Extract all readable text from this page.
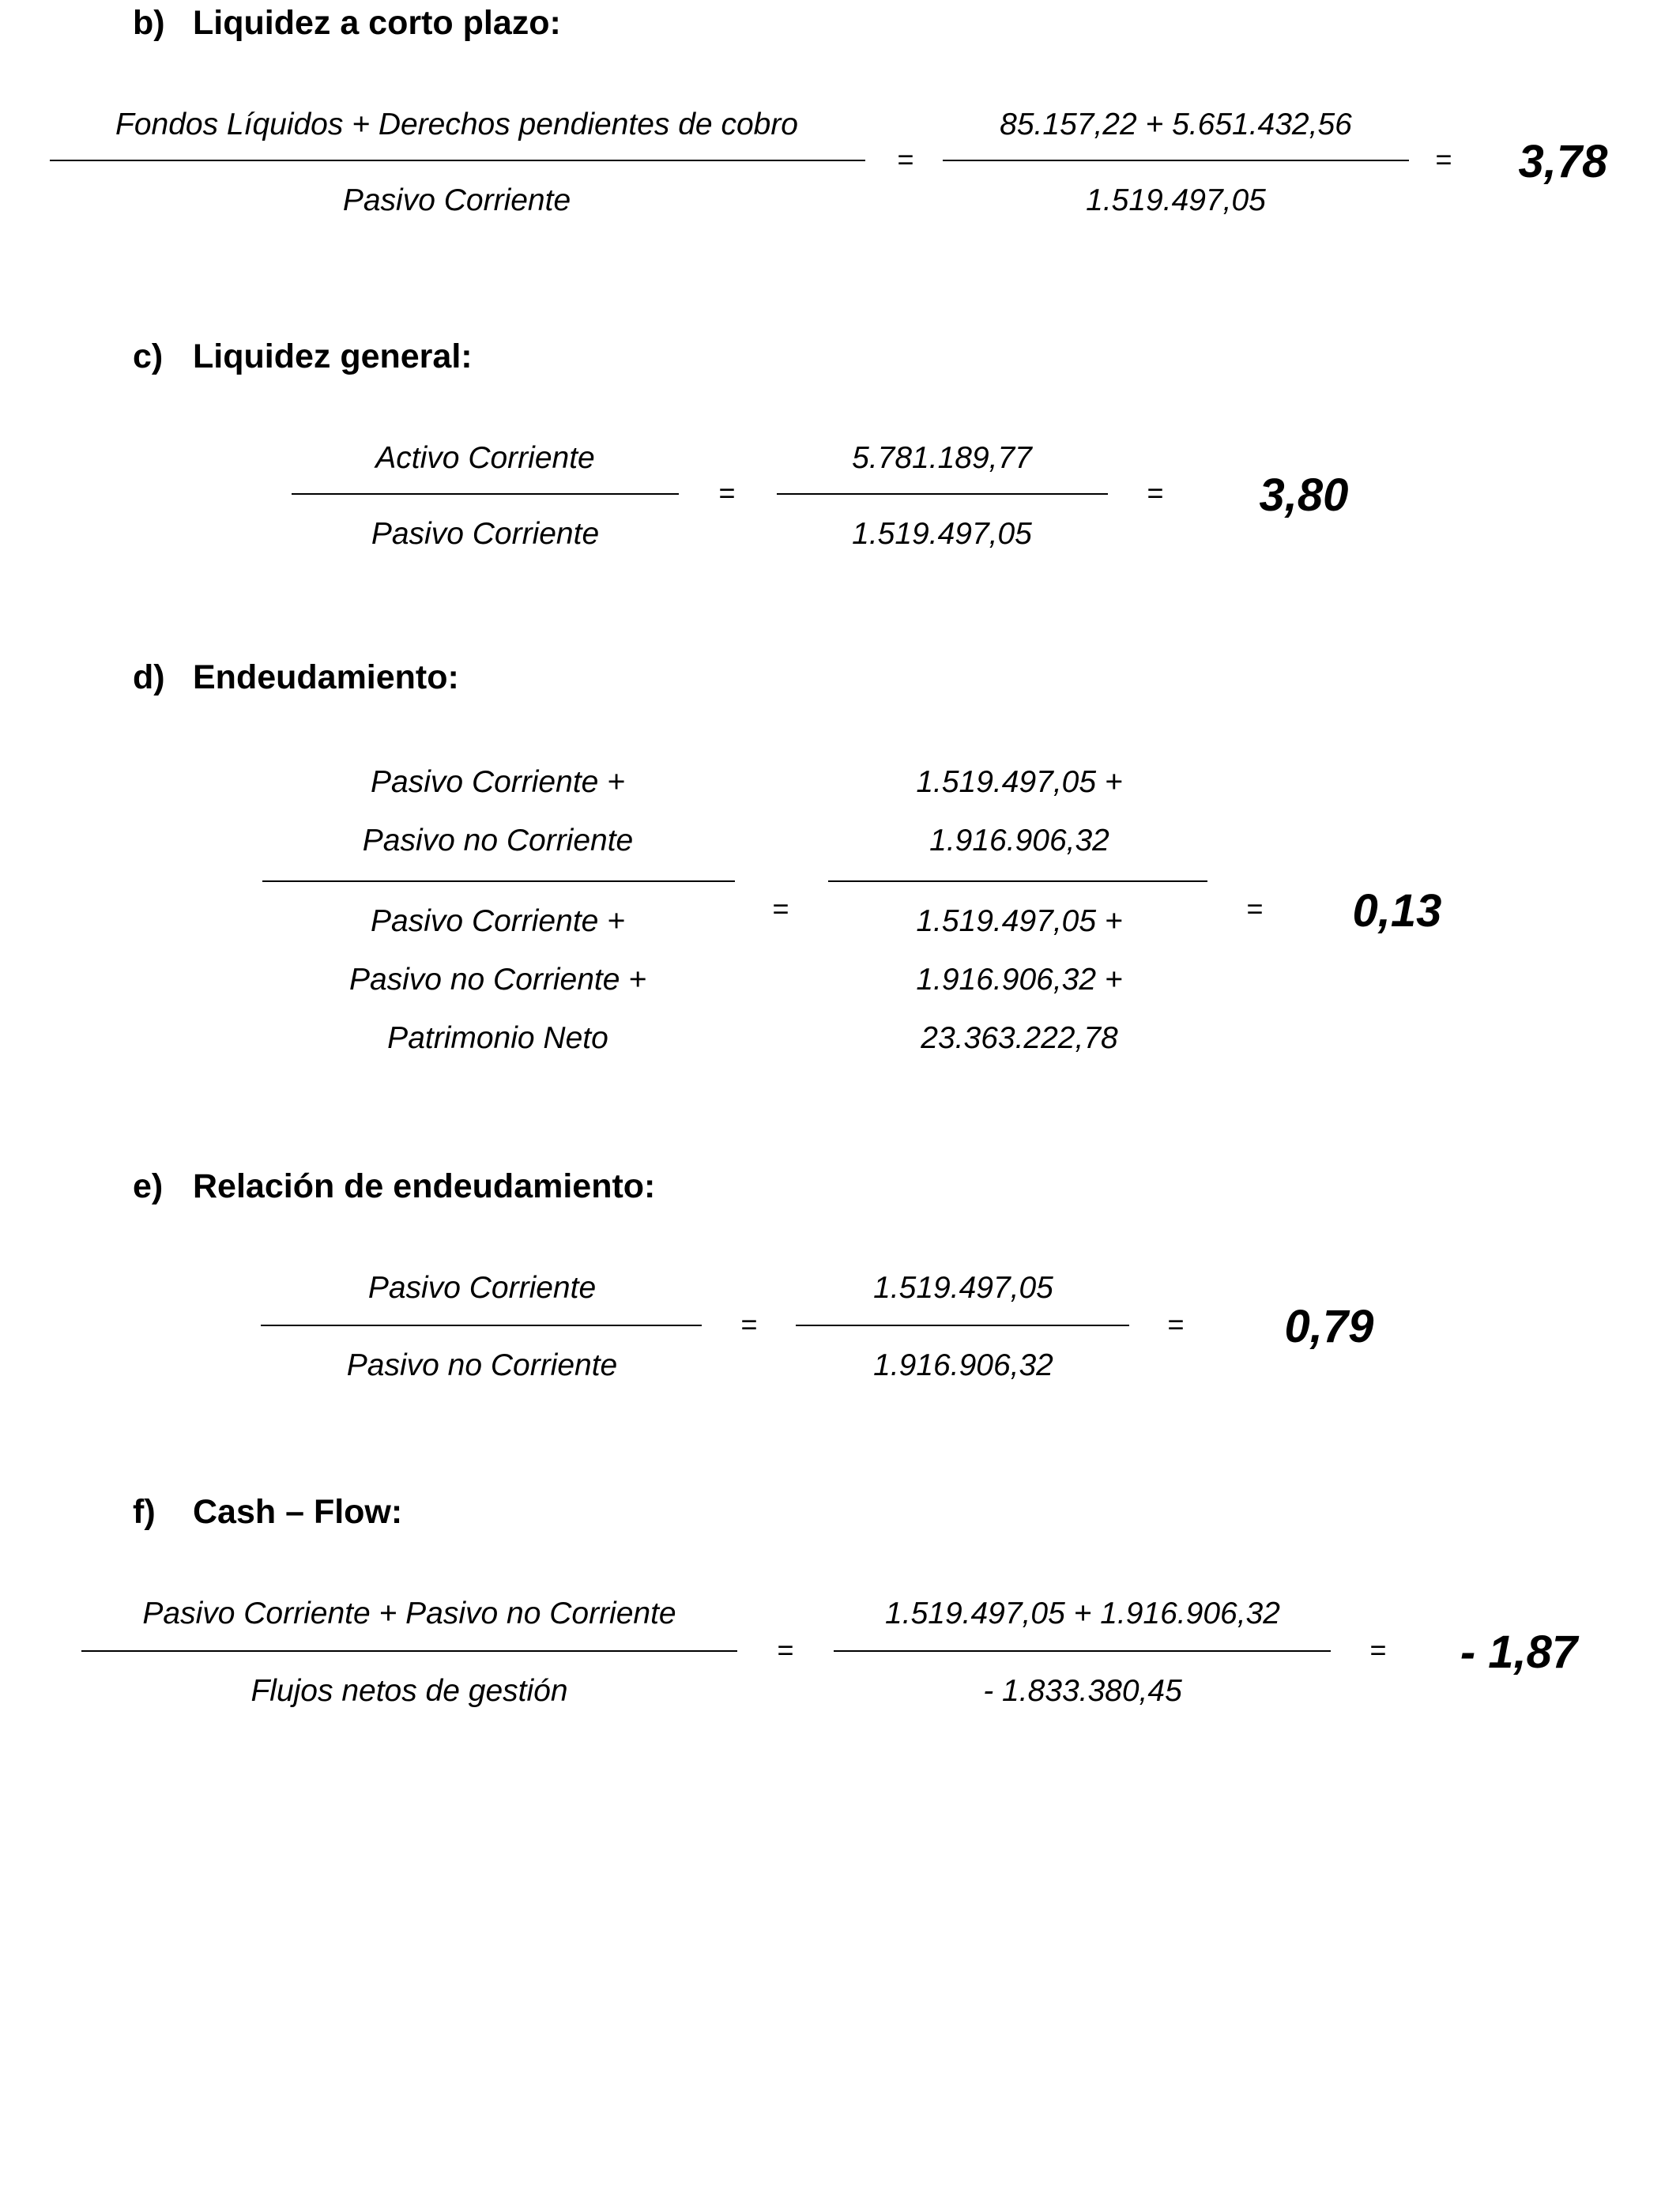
b) Liquidez a corto plazo:
Fondos Líquidos + Derechos pendientes de cobro
Pasivo Corriente
=
85.157,22 + 5.651.432,56
1.519.497,05
= 3,78
c) Liquidez general:
Activo Corriente
Pasivo Corriente
=
5.781.189,77
1.519.497,05
= 3,80
d) Endeudamiento:
Pasivo Corriente +
Pasivo no Corriente
Pasivo Corriente +
Pasivo no Corriente +
Patrimonio Neto
=
1.519.497,05 +
1.916.906,32
1.519.497,05 +
1.916.906,32 +
23.363.222,78
= 0,13
e) Relación de endeudamiento:
Pasivo Corriente
Pasivo no Corriente
=
1.519.497,05
1.916.906,32
= 0,79
f) Cash – Flow:
Pasivo Corriente + Pasivo no Corriente
Flujos netos de gestión
=
1.519.497,05 + 1.916.906,32
- 1.833.380,45
= - 1,87
